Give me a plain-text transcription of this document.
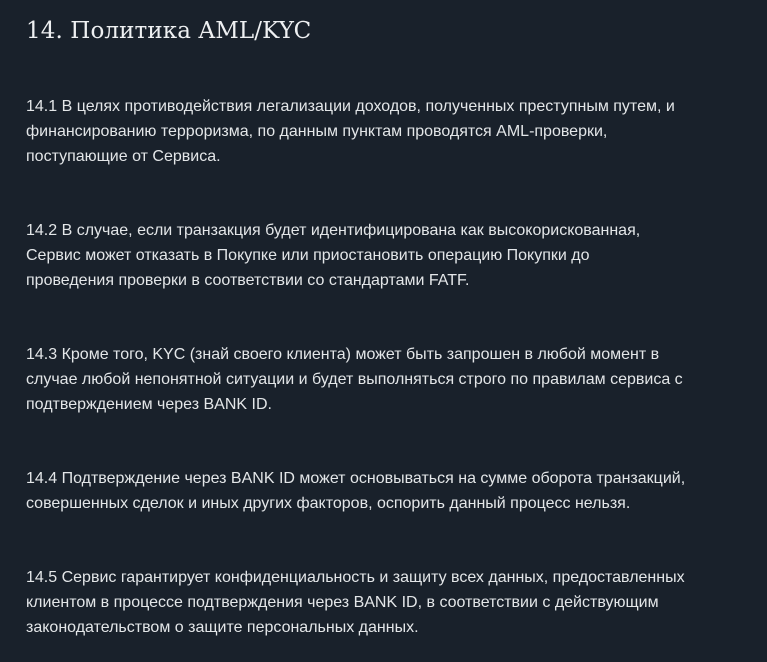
14. Политика AML/KYC

14.1 В целях противодействия легализации доходов, полученных преступным путем, и
финансированию терроризма, по данным пунктам проводятся AML-проверки,
поступающие от Сервиса.

14.2 В случае, если транзакция будет идентифицирована как высокорискованная,
Сервис может отказать в Покупке или приостановить операцию Покупки до
проведения проверки в соответствии со стандартами FATF.

14.3 Кроме того, KYC (знай своего клиента) может быть запрошен в любой момент в
случае любой непонятной ситуации и будет выполняться строго по правилам сервиса с
подтверждением через BANK ID.

14.4 Подтверждение через BANK ID может основываться на сумме оборота транзакций,
совершенных сделок и иных других факторов, оспорить данный процесс нельзя.

14.5 Сервис гарантирует конфиденциальность и защиту всех данных, предоставленных
клиентом в процессе подтверждения через BANK ID, в соответствии с действующим
законодательством о защите персональных данных.
